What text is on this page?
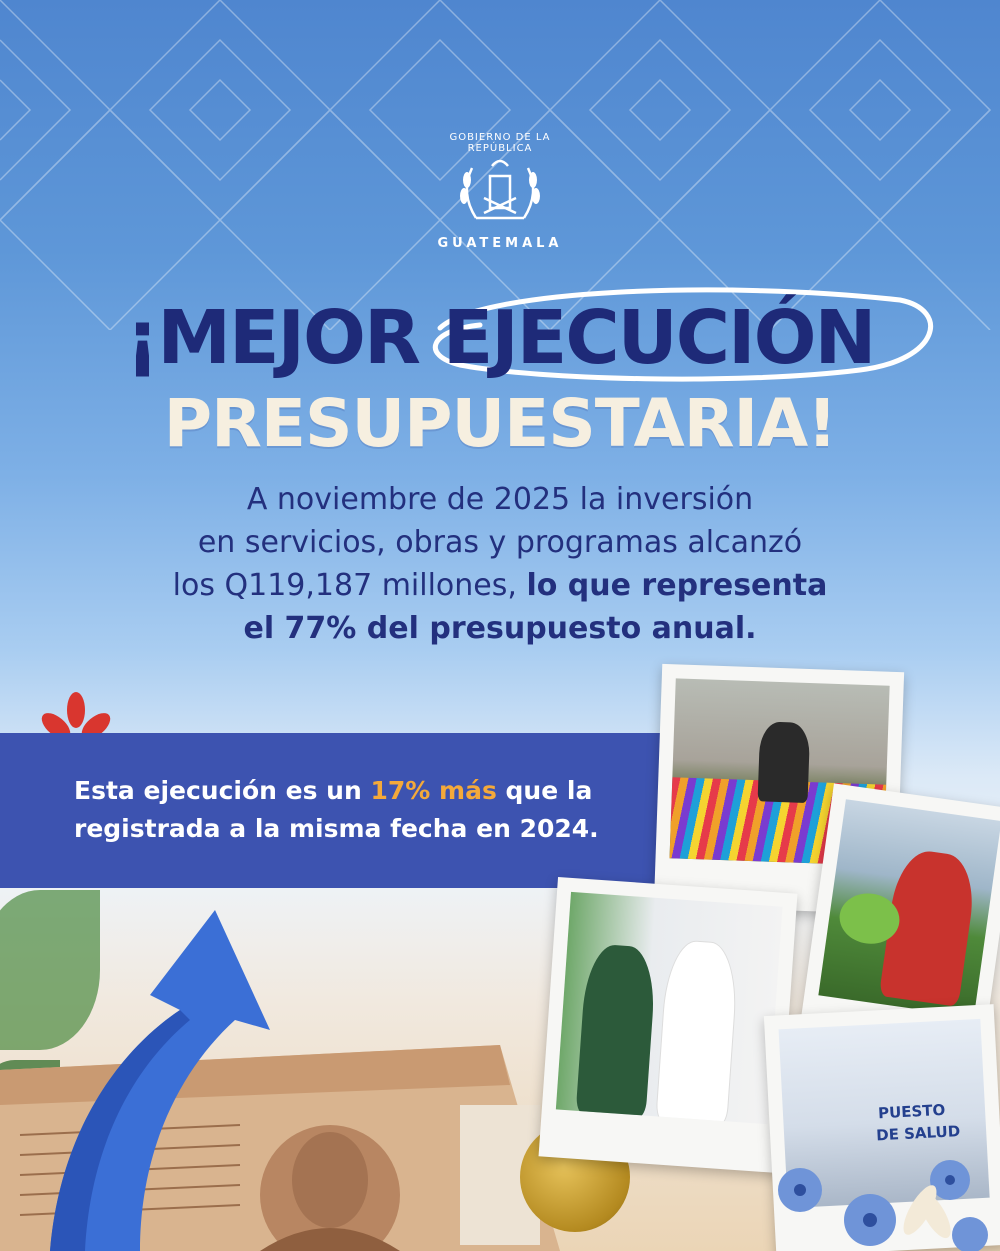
GOBIERNO DE LA REPÚBLICA
GUATEMALA
¡MEJOR EJECUCIÓN
PRESUPUESTARIA!
A noviembre de 2025 la inversión
en servicios, obras y programas alcanzó
los Q119,187 millones, lo que representa
el 77% del presupuesto anual.
Esta ejecución es un 17% más que la
registrada a la misma fecha en 2024.
PUESTO
DE SALUD
